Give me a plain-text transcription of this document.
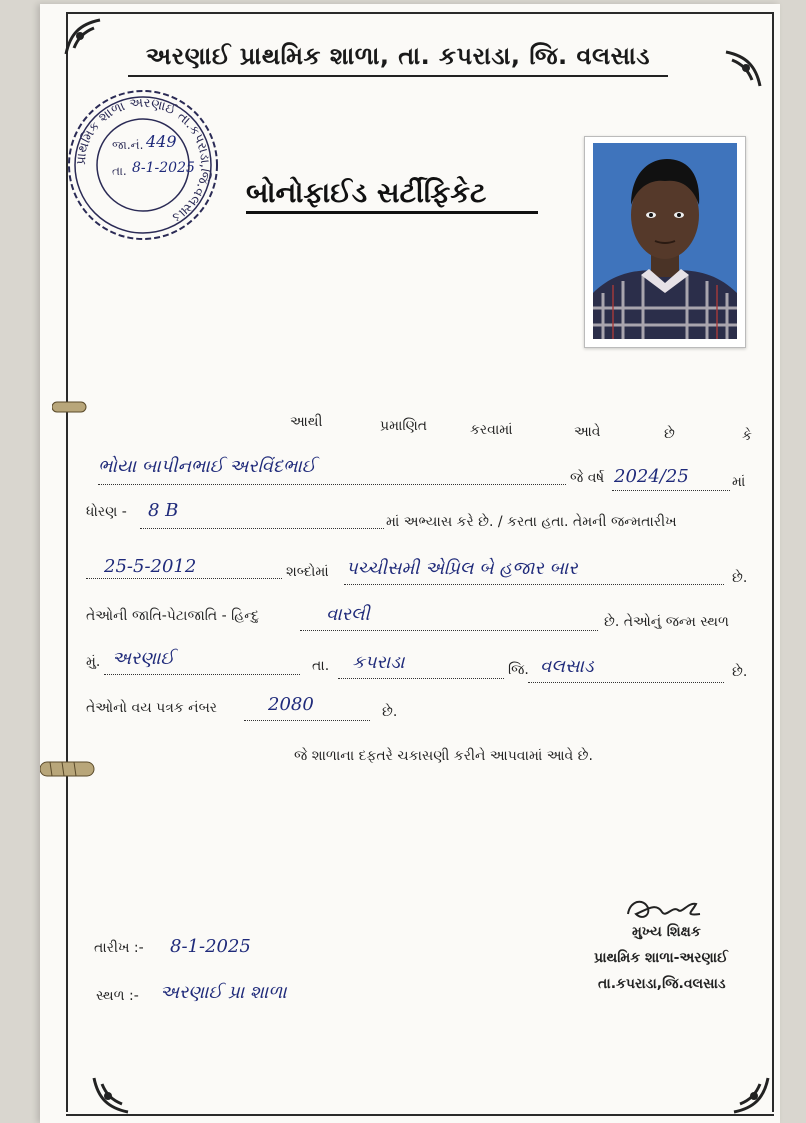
અરણાઈ પ્રાથમિક શાળા, તા. કપરાડા, જિ. વલસાડ
પ્રાથમિક શાળા અરણાઈ તા.કપરાડા,જિ.વલસાડ
જા.નં. 449
તા. 8-1-2025
બોનોફાઈડ સર્ટીફિકેટ
આથી	પ્રમાણિત	કરવામાં	આવે	છે	કે
ભોયા બાપીનભાઈ અરવિંદભાઈ
જે વર્ષ 2024/25	માં
ધોરણ - 8 B
માં અભ્યાસ કરે છે. / કરતા હતા. તેમની જન્મતારીખ
25-5-2012	શબ્દોમાં પચ્ચીસમી એપ્રિલ બે હજાર બાર	છે.
તેઓની જાતિ-પેટાજાતિ - હિન્દુ	વારલી	છે. તેઓનું જન્મ સ્થળ
મું. અરણાઈ	તા. કપરાડા	જિ. વલસાડ	છે.
તેઓનો વય પત્રક નંબર	2080	છે.
જે શાળાના દફતરે ચકાસણી કરીને આપવામાં આવે છે.
મુખ્ય શિક્ષક
પ્રાથમિક શાળા-અરણાઈ
તા.કપરાડા,જિ.વલસાડ
તારીખ :- 8-1-2025
સ્થળ :- અરણાઈ પ્રા શાળા
